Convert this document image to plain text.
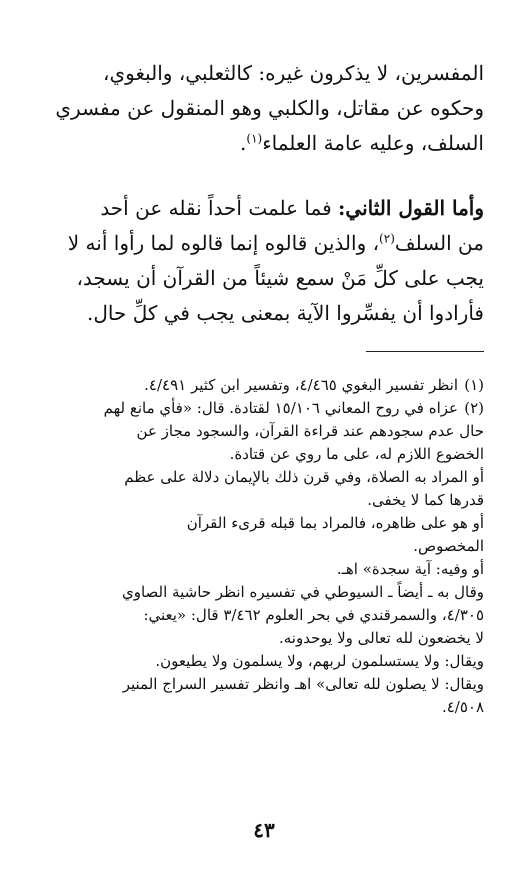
المفسرين، لا يذكرون غيره: كالثعلبي، والبغوي،
وحكوه عن مقاتل، والكلبي وهو المنقول عن مفسري
السلف، وعليه عامة العلماء$^{(١)}$.

وأما القول الثاني: فما علمت أحداً نقله عن أحد
من السلف$^{(٢)}$، والذين قالوه إنما قالوه لما رأوا أنه لا
يجب على كلِّ مَنْ سمع شيئاً من القرآن أن يسجد،
فأرادوا أن يفسِّروا الآية بمعنى يجب في كلِّ حال.

(١)انظر تفسير البغوي ٤/٤٦٥، وتفسير ابن كثير ٤/٤٩١.
(٢)عزاه في روح المعاني ١٥/١٠٦ لقتادة. قال: «فأي مانع لهم
حال عدم سجودهم عند قراءة القرآن، والسجود مجاز عن
الخضوع اللازم له، على ما روي عن قتادة.
أو المراد به الصلاة، وفي قرن ذلك بالإيمان دلالة على عظم
قدرها كما لا يخفى.
أو هو على ظاهره، فالمراد بما قبله قرىء القرآن
المخصوص.
أو وفيه: آية سجدة» اهـ.
وقال به ـ أيضاً ـ السيوطي في تفسيره انظر حاشية الصاوي
٤/٣٠٥، والسمرقندي في بحر العلوم ٣/٤٦٢ قال: «يعني:
لا يخضعون لله تعالى ولا يوحدونه.
ويقال: ولا يستسلمون لربهم، ولا يسلمون ولا يطيعون.
ويقال: لا يصلون لله تعالى» اهـ وانظر تفسير السراج المنير
٤/٥٠٨.
٤٣
